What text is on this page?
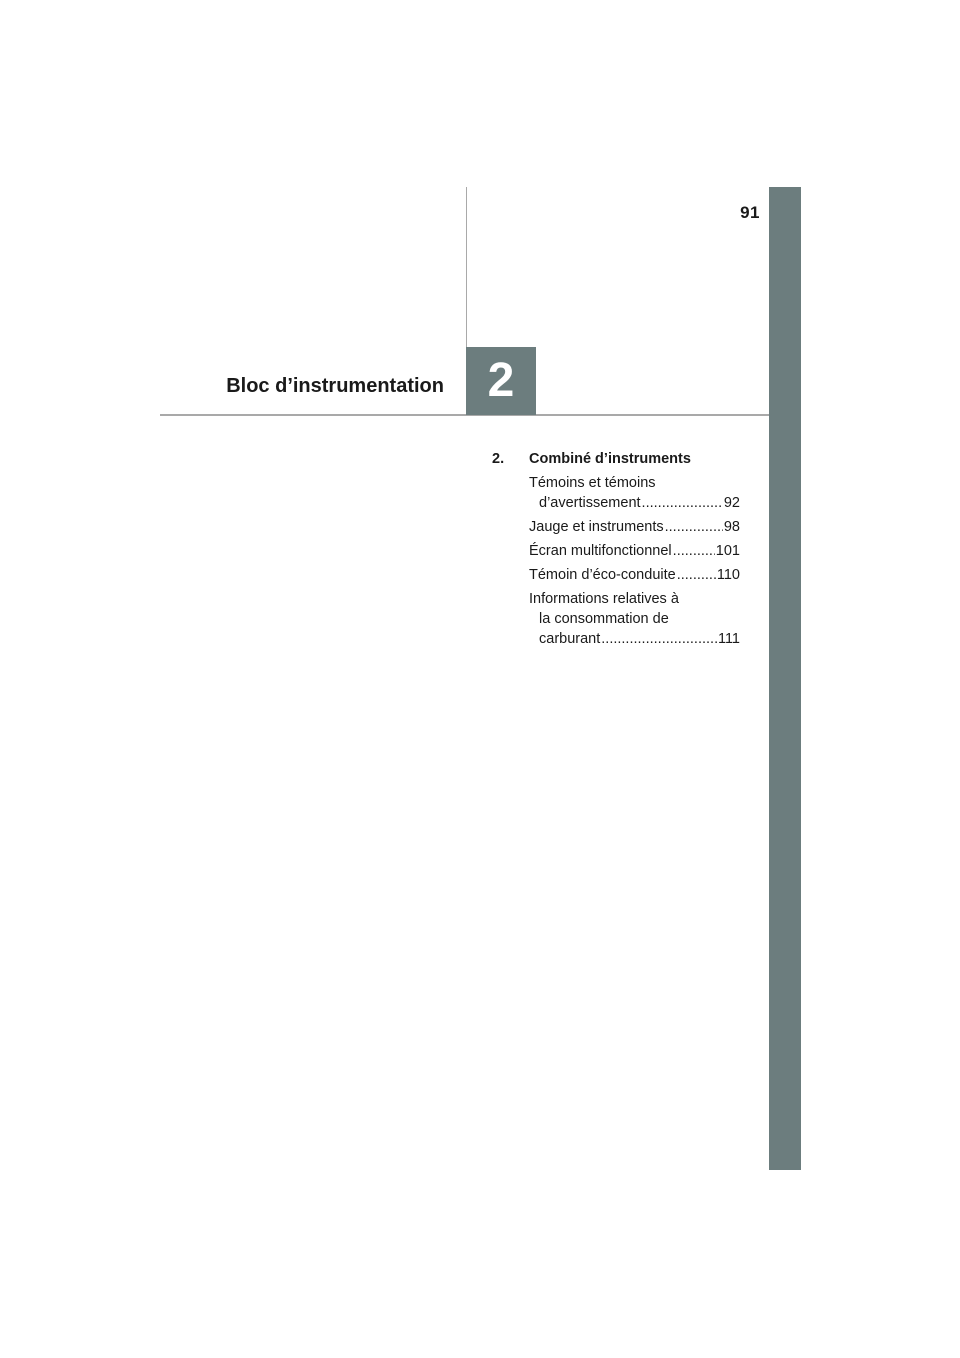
91
2
Bloc d’instrumentation
2.	Combiné d’instruments
Témoins et témoins
d’avertissement .....	92
Jauge et instruments .....	98
Écran multifonctionnel .....	101
Témoin d’éco-conduite .....	110
Informations relatives à
la consommation de
carburant .....	111
